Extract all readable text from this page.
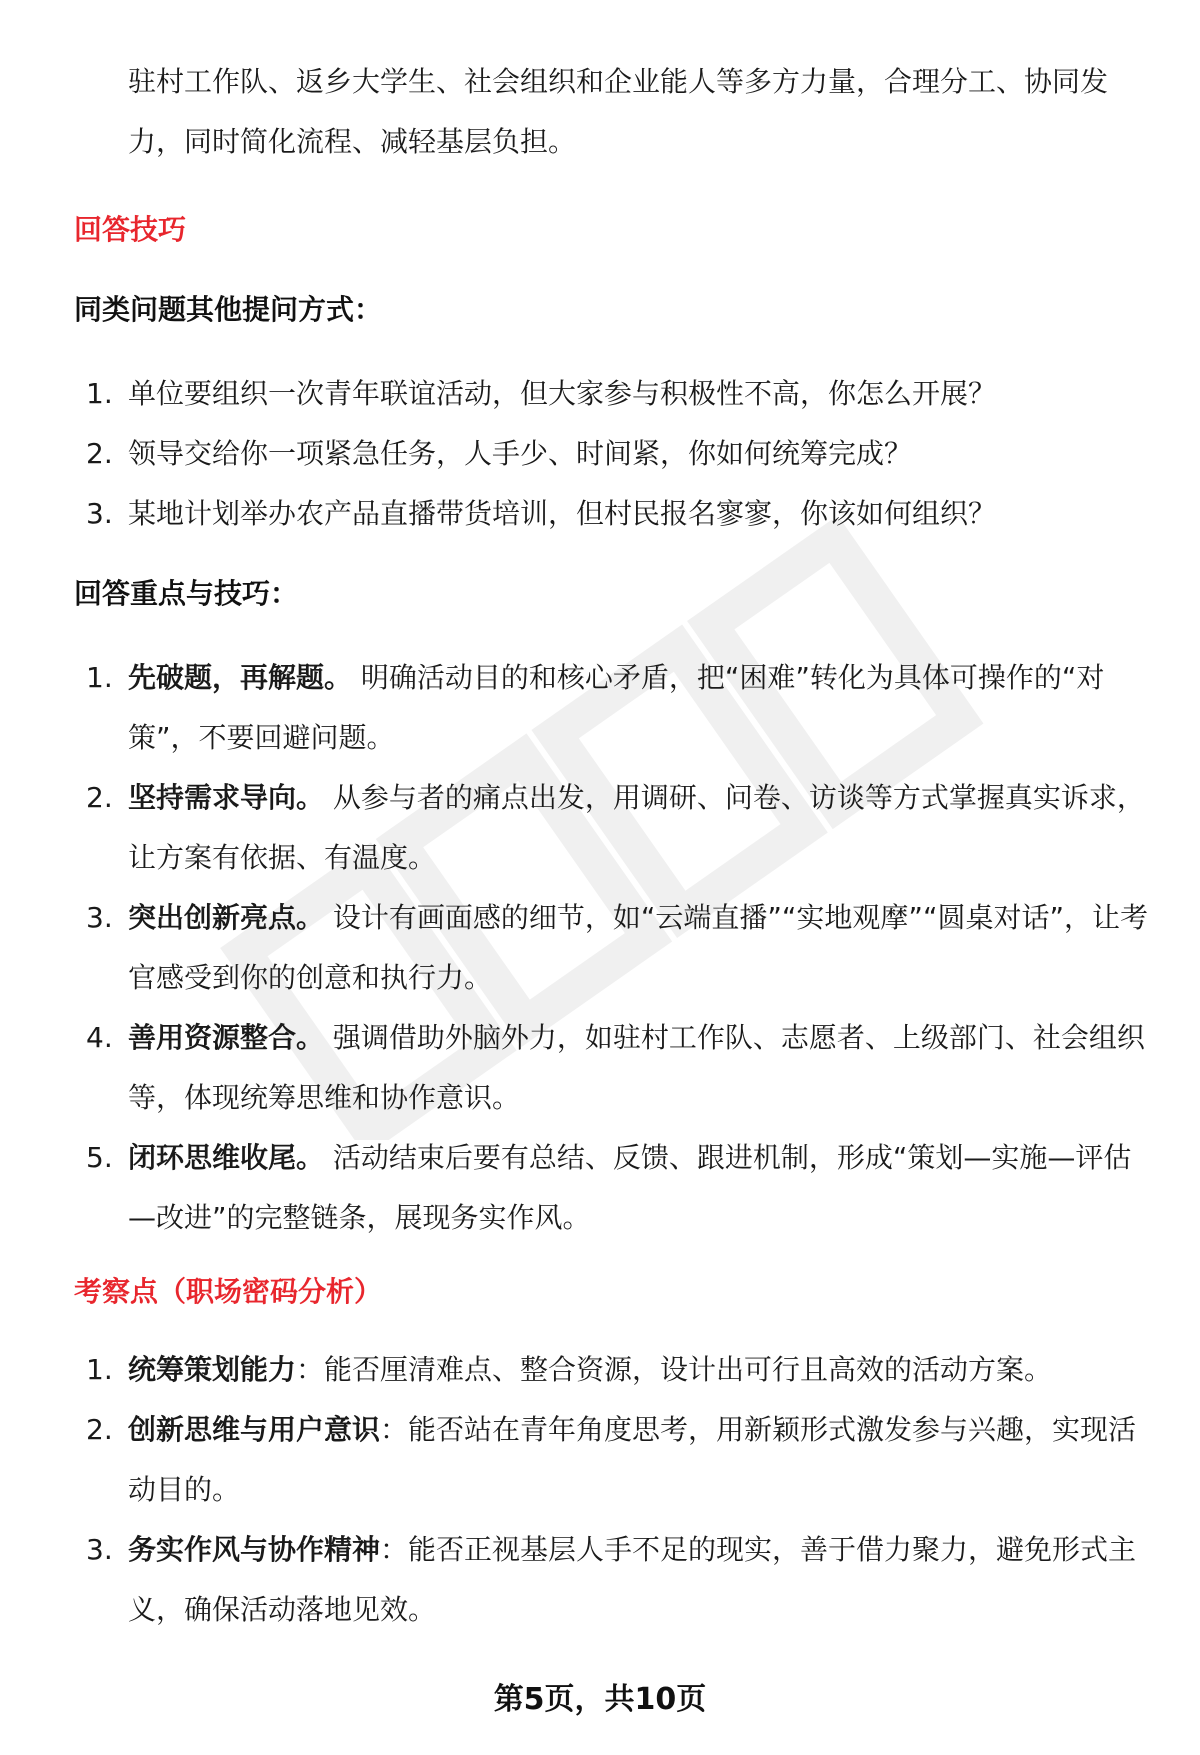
驻村工作队、返乡大学生、社会组织和企业能人等多方力量，合理分工、协同发力，同时简化流程、减轻基层负担。
回答技巧
同类问题其他提问方式：
1. 单位要组织一次青年联谊活动，但大家参与积极性不高，你怎么开展？
2. 领导交给你一项紧急任务，人手少、时间紧，你如何统筹完成？
3. 某地计划举办农产品直播带货培训，但村民报名寥寥，你该如何组织？
回答重点与技巧：
1. 先破题，再解题。 明确活动目的和核心矛盾，把“困难”转化为具体可操作的“对策”，不要回避问题。
2. 坚持需求导向。 从参与者的痛点出发，用调研、问卷、访谈等方式掌握真实诉求，让方案有依据、有温度。
3. 突出创新亮点。 设计有画面感的细节，如“云端直播”“实地观摩”“圆桌对话”，让考官感受到你的创意和执行力。
4. 善用资源整合。 强调借助外脑外力，如驻村工作队、志愿者、上级部门、社会组织等，体现统筹思维和协作意识。
5. 闭环思维收尾。 活动结束后要有总结、反馈、跟进机制，形成“策划—实施—评估—改进”的完整链条，展现务实作风。
考察点（职场密码分析）
1. 统筹策划能力：能否厘清难点、整合资源，设计出可行且高效的活动方案。
2. 创新思维与用户意识：能否站在青年角度思考，用新颖形式激发参与兴趣，实现活动目的。
3. 务实作风与协作精神：能否正视基层人手不足的现实，善于借力聚力，避免形式主义，确保活动落地见效。
第5页，共10页
